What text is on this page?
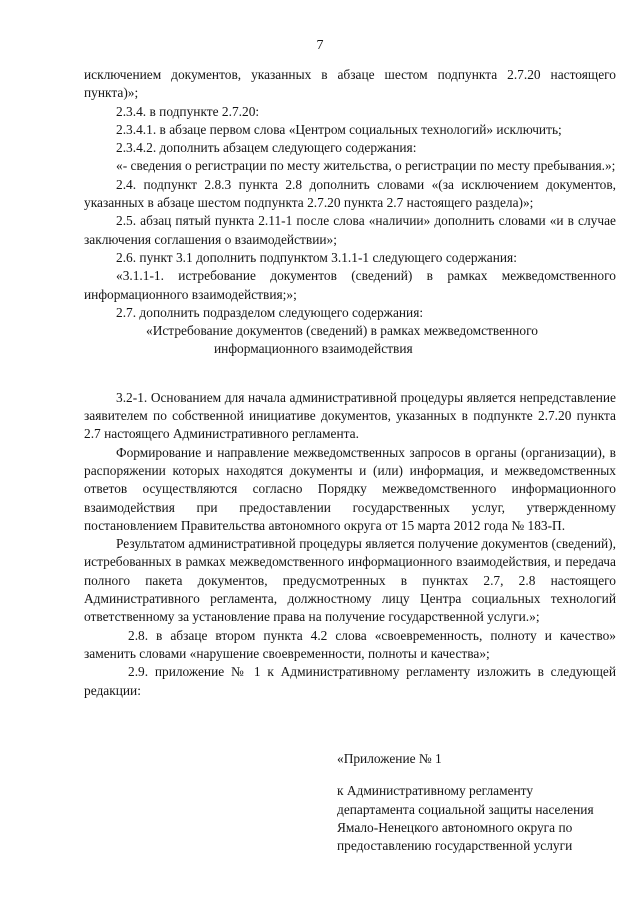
7

исключением документов, указанных в абзаце шестом подпункта 2.7.20 настоящего пункта)»;

2.3.4. в подпункте 2.7.20:

2.3.4.1. в абзаце первом слова «Центром социальных технологий» исключить;

2.3.4.2. дополнить абзацем следующего содержания:

«- сведения о регистрации по месту жительства, о регистрации по месту пребывания.»;

2.4. подпункт 2.8.3 пункта 2.8 дополнить словами «(за исключением документов, указанных в абзаце шестом подпункта 2.7.20 пункта 2.7 настоящего раздела)»;

2.5. абзац пятый пункта 2.11-1 после слова «наличии» дополнить словами «и в случае заключения соглашения о взаимодействии»;

2.6. пункт 3.1 дополнить подпунктом 3.1.1-1 следующего содержания:

«3.1.1-1. истребование документов (сведений) в рамках межведомственного информационного взаимодействия;»;

2.7. дополнить подразделом следующего содержания:

«Истребование документов (сведений) в рамках межведомственного

информационного взаимодействия

3.2-1. Основанием для начала административной процедуры является непредставление заявителем по собственной инициативе документов, указанных в подпункте 2.7.20 пункта 2.7 настоящего Административного регламента.

Формирование и направление межведомственных запросов в органы (организации), в распоряжении которых находятся документы и (или) информация, и межведомственных ответов осуществляются согласно Порядку межведомственного информационного взаимодействия при предоставлении государственных услуг, утвержденному постановлением Правительства автономного округа от 15 марта 2012 года № 183-П.

Результатом административной процедуры является получение документов (сведений), истребованных в рамках межведомственного информационного взаимодействия, и передача полного пакета документов, предусмотренных в пунктах 2.7, 2.8 настоящего Административного регламента, должностному лицу Центра социальных технологий ответственному за установление права на получение государственной услуги.»;

2.8. в абзаце втором пункта 4.2 слова «своевременность, полноту и качество» заменить словами «нарушение своевременности, полноты и качества»;

2.9. приложение № 1 к Административному регламенту изложить в следующей редакции:

«Приложение № 1

к Административному регламенту

департамента социальной защиты населения

Ямало-Ненецкого автономного округа по

предоставлению государственной услуги
